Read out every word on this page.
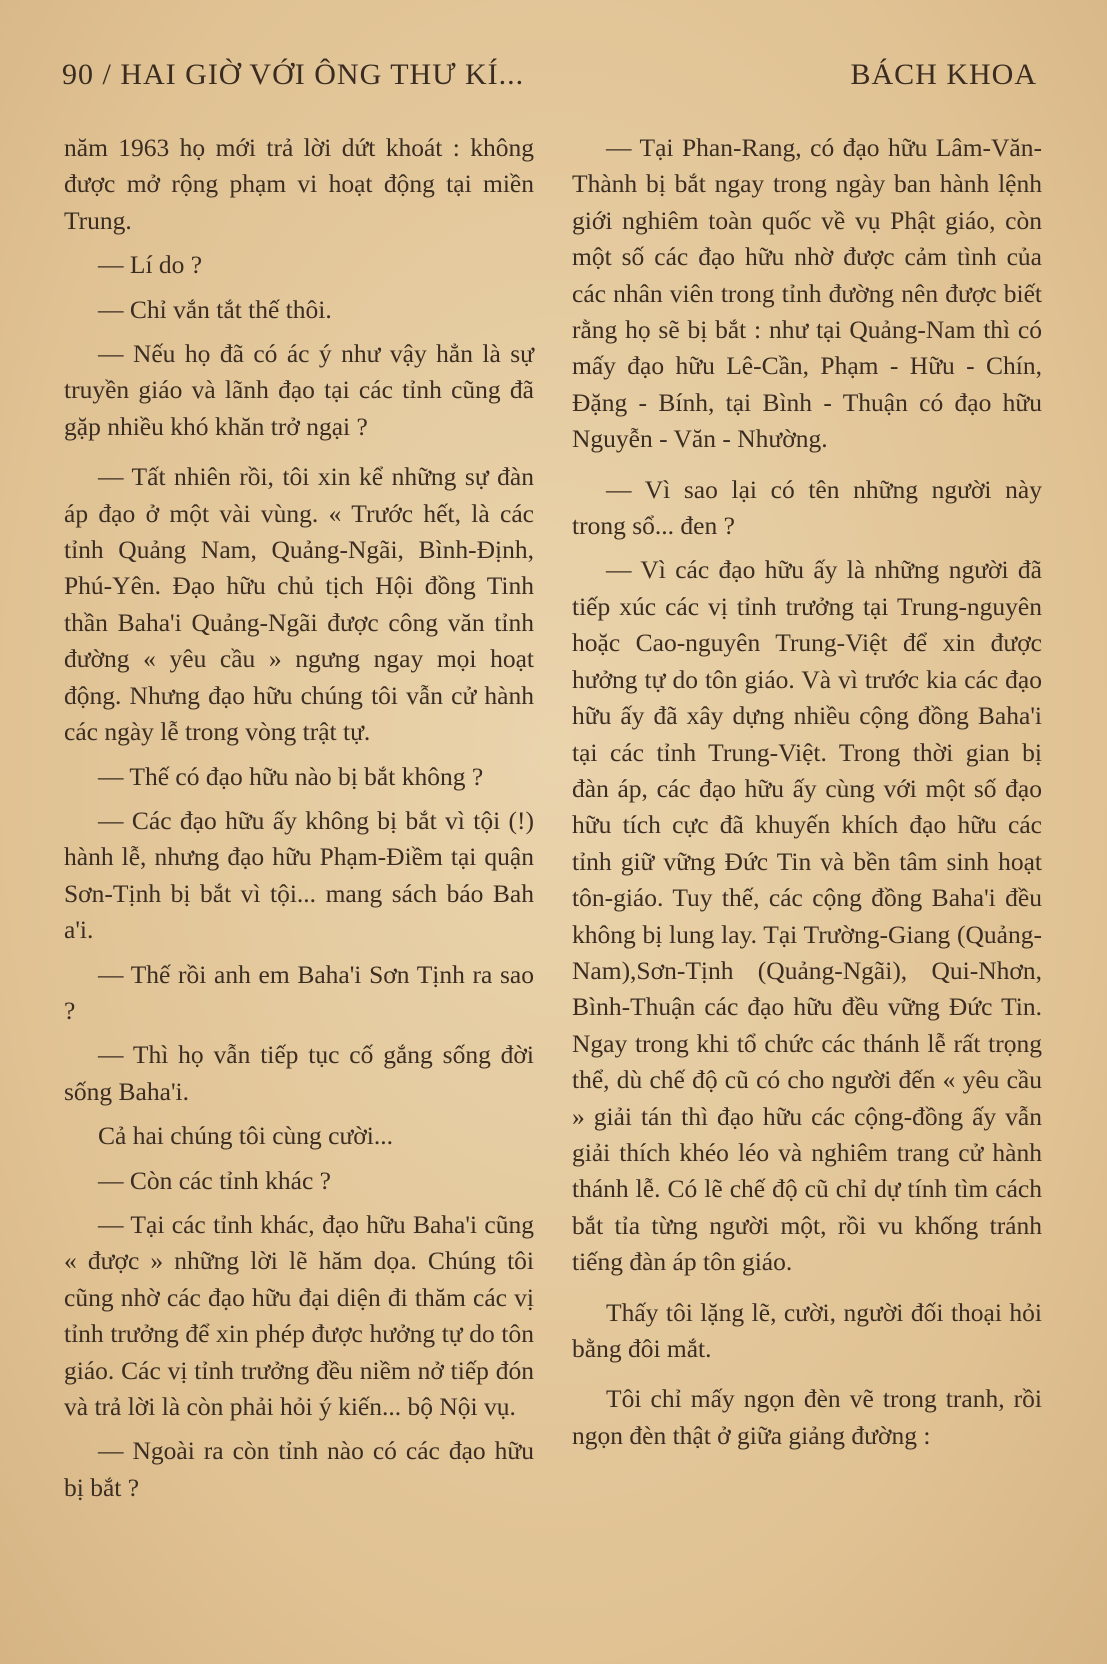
90 / HAI GIỜ VỚI ÔNG THƯ KÍ...	BÁCH KHOA

năm 1963 họ mới trả lời dứt khoát : không được mở rộng phạm vi hoạt động tại miền Trung.

— Lí do ?

— Chỉ vắn tắt thế thôi.

— Nếu họ đã có ác ý như vậy hẳn là sự truyền giáo và lãnh đạo tại các tỉnh cũng đã gặp nhiều khó khăn trở ngại ?

— Tất nhiên rồi, tôi xin kể những sự đàn áp đạo ở một vài vùng. « Trước hết, là các tỉnh Quảng Nam, Quảng-Ngãi, Bình-Định, Phú-Yên. Đạo hữu chủ tịch Hội đồng Tinh thần Baha'i Quảng-Ngãi được công văn tỉnh đường « yêu cầu » ngưng ngay mọi hoạt động. Nhưng đạo hữu chúng tôi vẫn cử hành các ngày lễ trong vòng trật tự.

— Thế có đạo hữu nào bị bắt không ?

— Các đạo hữu ấy không bị bắt vì tội (!) hành lễ, nhưng đạo hữu Phạm-Điềm tại quận Sơn-Tịnh bị bắt vì tội... mang sách báo Bah a'i.

— Thế rồi anh em Baha'i Sơn Tịnh ra sao ?

— Thì họ vẫn tiếp tục cố gắng sống đời sống Baha'i.

Cả hai chúng tôi cùng cười...

— Còn các tỉnh khác ?

— Tại các tỉnh khác, đạo hữu Baha'i cũng « được » những lời lẽ hăm dọa. Chúng tôi cũng nhờ các đạo hữu đại diện đi thăm các vị tỉnh trưởng để xin phép được hưởng tự do tôn giáo. Các vị tỉnh trưởng đều niềm nở tiếp đón và trả lời là còn phải hỏi ý kiến... bộ Nội vụ.

— Ngoài ra còn tỉnh nào có các đạo hữu bị bắt ?

— Tại Phan-Rang, có đạo hữu Lâm-Văn-Thành bị bắt ngay trong ngày ban hành lệnh giới nghiêm toàn quốc về vụ Phật giáo, còn một số các đạo hữu nhờ được cảm tình của các nhân viên trong tỉnh đường nên được biết rằng họ sẽ bị bắt : như tại Quảng-Nam thì có mấy đạo hữu Lê-Cần, Phạm - Hữu - Chín, Đặng - Bính, tại Bình - Thuận có đạo hữu Nguyễn - Văn - Nhường.

— Vì sao lại có tên những người này trong sổ... đen ?

— Vì các đạo hữu ấy là những người đã tiếp xúc các vị tỉnh trưởng tại Trung-nguyên hoặc Cao-nguyên Trung-Việt để xin được hưởng tự do tôn giáo. Và vì trước kia các đạo hữu ấy đã xây dựng nhiều cộng đồng Baha'i tại các tỉnh Trung-Việt. Trong thời gian bị đàn áp, các đạo hữu ấy cùng với một số đạo hữu tích cực đã khuyến khích đạo hữu các tỉnh giữ vững Đức Tin và bền tâm sinh hoạt tôn-giáo. Tuy thế, các cộng đồng Baha'i đều không bị lung lay. Tại Trường-Giang (Quảng-Nam),Sơn-Tịnh (Quảng-Ngãi), Qui-Nhơn, Bình-Thuận các đạo hữu đều vững Đức Tin. Ngay trong khi tổ chức các thánh lễ rất trọng thể, dù chế độ cũ có cho người đến « yêu cầu » giải tán thì đạo hữu các cộng-đồng ấy vẫn giải thích khéo léo và nghiêm trang cử hành thánh lễ. Có lẽ chế độ cũ chỉ dự tính tìm cách bắt tỉa từng người một, rồi vu khống tránh tiếng đàn áp tôn giáo.

Thấy tôi lặng lẽ, cười, người đối thoại hỏi bằng đôi mắt.

Tôi chỉ mấy ngọn đèn vẽ trong tranh, rồi ngọn đèn thật ở giữa giảng đường :
